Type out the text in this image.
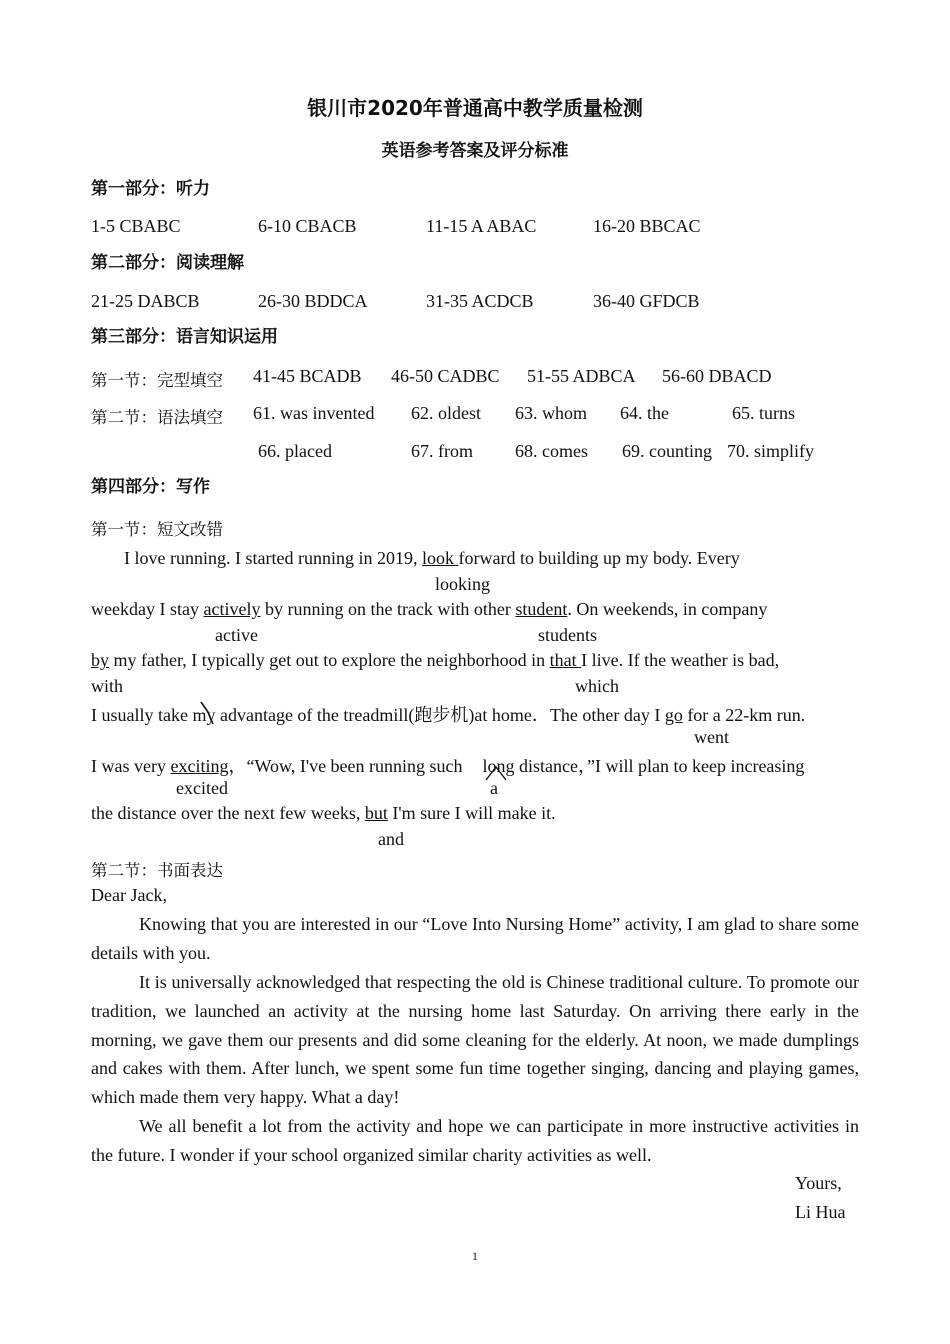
银川市2020年普通高中教学质量检测
英语参考答案及评分标准
第一部分：听力
1-5 CBABC	6-10 CBACB	11-15 A ABAC	16-20 BBCAC
第二部分：阅读理解
21-25 DABCB	26-30 BDDCA	31-35 ACDCB	36-40 GFDCB
第三部分：语言知识运用
第一节：完型填空 41-45 BCADB 46-50 CADBC 51-55 ADBCA 56-60 DBACD
第二节：语法填空 61. was invented 62. oldest 63. whom 64. the	65. turns
66. placed	67. from 68. comes 69. counting 70. simplify
第四部分：写作
第一节：短文改错
I love running. I started running in 2019, look forward to building up my body. Every
looking
weekday I stay actively by running on the track with other student. On weekends, in company
active	students
by my father, I typically get out to explore the neighborhood in that I live. If the weather is bad,
with	which
I usually take my advantage of the treadmill(跑步机)at home．The other day I go for a 22-km run.
went
I was very exciting，“Wow, I've been running such long distance，”I will plan to keep increasing
excited	a
the distance over the next few weeks, but I'm sure I will make it.
and
第二节：书面表达
Dear Jack,
Knowing that you are interested in our “Love Into Nursing Home” activity, I am glad to share some details with you.
It is universally acknowledged that respecting the old is Chinese traditional culture. To promote our tradition, we launched an activity at the nursing home last Saturday. On arriving there early in the morning, we gave them our presents and did some cleaning for the elderly. At noon, we made dumplings and cakes with them. After lunch, we spent some fun time together singing, dancing and playing games, which made them very happy. What a day!
We all benefit a lot from the activity and hope we can participate in more instructive activities in the future. I wonder if your school organized similar charity activities as well.
Yours,
Li Hua
1
